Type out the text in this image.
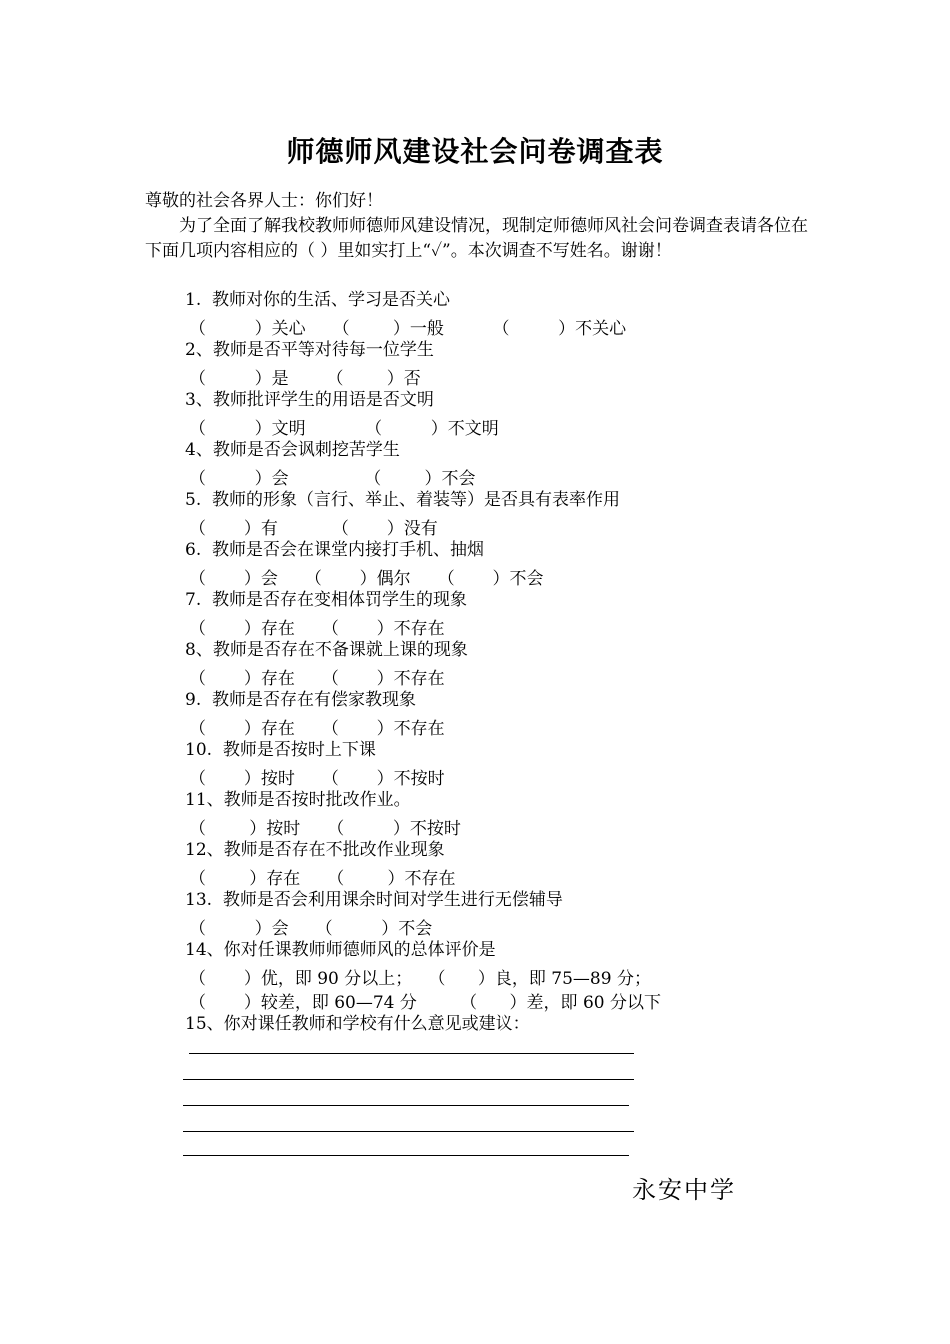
师德师风建设社会问卷调查表

尊敬的社会各界人士：你们好！

为了全面了解我校教师师德师风建设情况，现制定师德师风社会问卷调查表请各位在下面几项内容相应的（ ）里如实打上“✓”。本次调查不写姓名。谢谢！

1.  教师对你的生活、学习是否关心
（         ）关心     （        ）一般         （         ）不关心
2、教师是否平等对待每一位学生
（         ）是       （        ）否
3、教师批评学生的用语是否文明
（         ）文明           （         ）不文明
4、教师是否会讽刺挖苦学生
（         ）会              （        ）不会
5.  教师的形象（言行、举止、着装等）是否具有表率作用
（       ）有          （       ）没有
6.  教师是否会在课堂内接打手机、抽烟
（       ）会     （       ）偶尔     （       ）不会
7.  教师是否存在变相体罚学生的现象
（       ）存在     （       ）不存在
8、教师是否存在不备课就上课的现象
（       ）存在     （       ）不存在
9.  教师是否存在有偿家教现象
（       ）存在     （       ）不存在
10.  教师是否按时上下课
（       ）按时     （       ）不按时
11、教师是否按时批改作业。
（        ）按时     （         ）不按时
12、教师是否存在不批改作业现象
（        ）存在     （        ）不存在
13.  教师是否会利用课余时间对学生进行无偿辅导
（         ）会     （         ）不会
14、你对任课教师师德师风的总体评价是
（       ）优，即 90 分以上；   （      ）良，即 75—89 分；
（       ）较差，即 60—74 分        （      ）差，即 60 分以下
15、你对课任教师和学校有什么意见或建议：
永安中学
